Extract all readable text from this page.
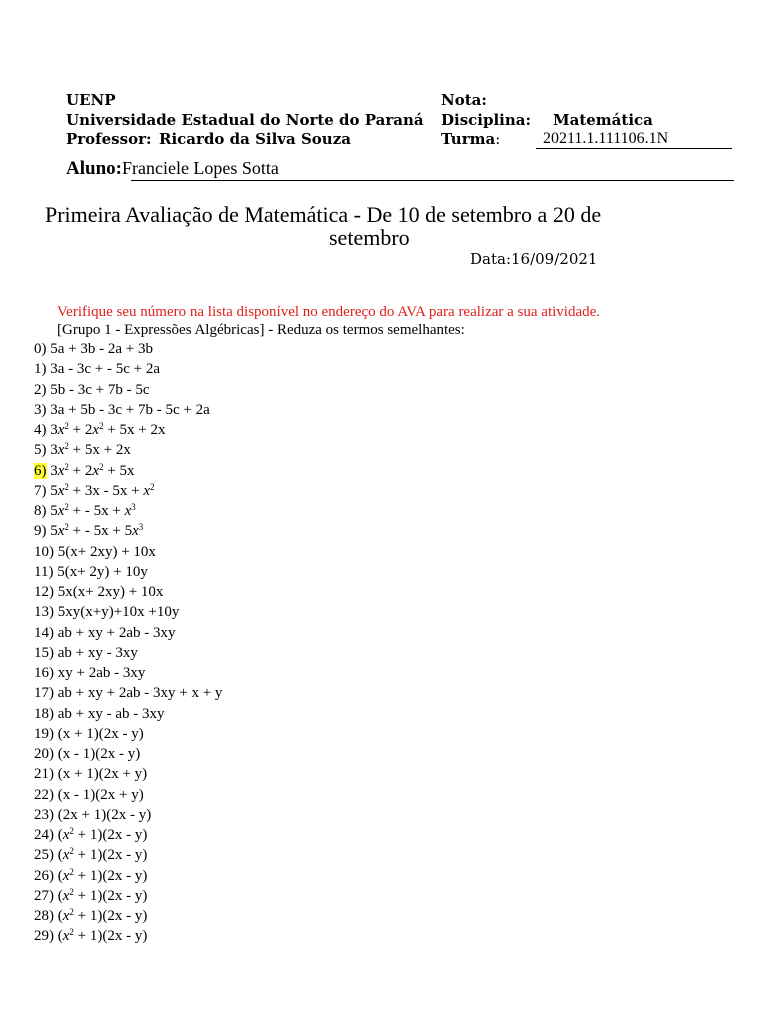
UENP	Nota:
Universidade Estadual do Norte do Paraná Disciplina: Matemática
Professor: Ricardo da Silva Souza	Turma:	20211.1.111106.1N
Aluno:Franciele Lopes Sotta
Primeira Avaliação de Matemática - De 10 de setembro a 20 de
setembro
Data:16/09/2021
Verifique seu número na lista disponível no endereço do AVA para realizar a sua atividade.
[Grupo 1 - Expressões Algébricas] - Reduza os termos semelhantes:
0) 5a + 3b - 2a + 3b
1) 3a - 3c + - 5c + 2a
2) 5b - 3c + 7b - 5c
3) 3a + 5b - 3c + 7b - 5c + 2a
4) $3x^2 + 2x^2 + 5x + 2x$
5) $3x^2 + 5x + 2x$
6) $3x^2 + 2x^2 + 5x$
7) $5x^2 + 3x - 5x + x^2$
8) $5x^2$ + - $5x + x^3$
9) $5x^2$ + - $5x + 5x^3$
10) 5(x+ 2xy) + 10x
11) 5(x+ 2y) + 10y
12) 5x(x+ 2xy) + 10x
13) 5xy(x+y)+10x +10y
14) ab + xy + 2ab - 3xy
15) ab + xy - 3xy
16) xy + 2ab - 3xy
17) ab + xy + 2ab - 3xy + x + y
18) ab + xy - ab - 3xy
19) (x + 1)(2x - y)
20) (x - 1)(2x - y)
21) (x + 1)(2x + y)
22) (x - 1)(2x + y)
23) (2x + 1)(2x - y)
24) $(x^2 + 1)(2x - y)$
25) $(x^2 + 1)(2x - y)$
26) $(x^2 + 1)(2x - y)$
27) $(x^2 + 1)(2x - y)$
28) $(x^2 + 1)(2x - y)$
29) $(x^2 + 1)(2x - y)$
